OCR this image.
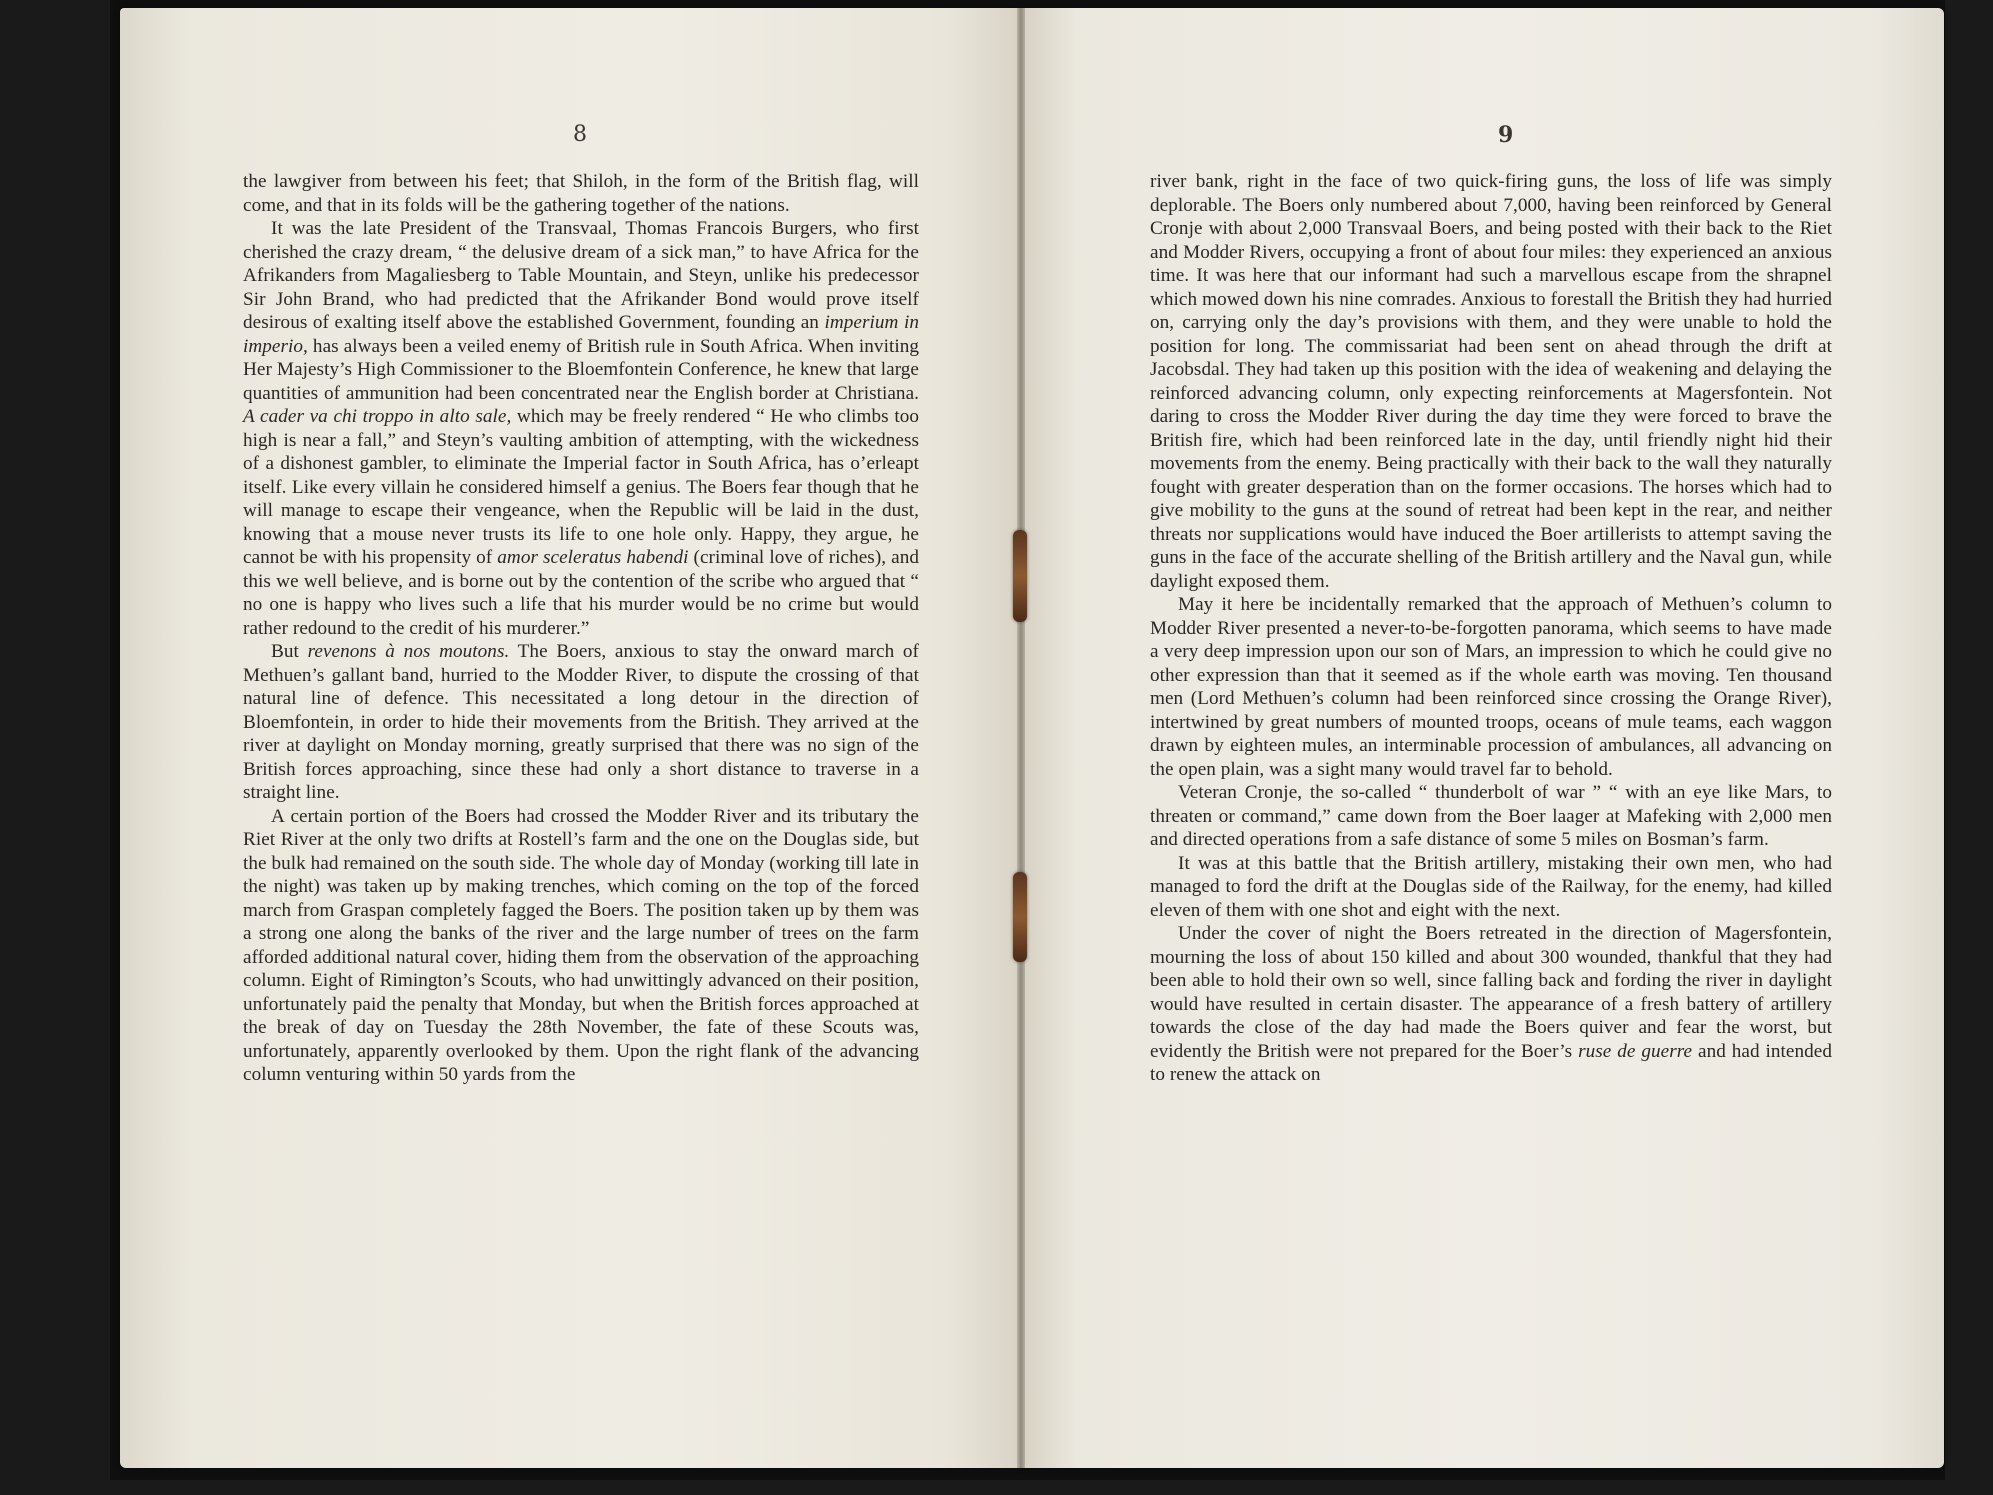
8	9

the lawgiver from between his feet; that Shiloh, in the form of the British flag, will come, and that in its folds will be the gathering together of the nations.

It was the late President of the Transvaal, Thomas Francois Burgers, who first cherished the crazy dream, “ the delusive dream of a sick man,” to have Africa for the Afrikanders from Magaliesberg to Table Mountain, and Steyn, unlike his predecessor Sir John Brand, who had predicted that the Afrikander Bond would prove itself desirous of exalting itself above the established Government, founding an imperium in imperio, has always been a veiled enemy of British rule in South Africa. When inviting Her Majesty’s High Commissioner to the Bloemfontein Conference, he knew that large quantities of ammunition had been concentrated near the English border at Christiana. A cader va chi troppo in alto sale, which may be freely rendered “ He who climbs too high is near a fall,” and Steyn’s vaulting ambition of attempting, with the wickedness of a dishonest gambler, to eliminate the Imperial factor in South Africa, has o’erleapt itself. Like every villain he considered himself a genius. The Boers fear though that he will manage to escape their vengeance, when the Republic will be laid in the dust, knowing that a mouse never trusts its life to one hole only. Happy, they argue, he cannot be with his propensity of amor sceleratus habendi (criminal love of riches), and this we well believe, and is borne out by the contention of the scribe who argued that “ no one is happy who lives such a life that his murder would be no crime but would rather redound to the credit of his murderer.”

But revenons à nos moutons. The Boers, anxious to stay the onward march of Methuen’s gallant band, hurried to the Modder River, to dispute the crossing of that natural line of defence. This necessitated a long detour in the direction of Bloemfontein, in order to hide their movements from the British. They arrived at the river at daylight on Monday morning, greatly surprised that there was no sign of the British forces approaching, since these had only a short distance to traverse in a straight line.

A certain portion of the Boers had crossed the Modder River and its tributary the Riet River at the only two drifts at Rostell’s farm and the one on the Douglas side, but the bulk had remained on the south side. The whole day of Monday (working till late in the night) was taken up by making trenches, which coming on the top of the forced march from Graspan completely fagged the Boers. The position taken up by them was a strong one along the banks of the river and the large number of trees on the farm afforded additional natural cover, hiding them from the observation of the approaching column. Eight of Rimington’s Scouts, who had unwittingly advanced on their position, unfortunately paid the penalty that Monday, but when the British forces approached at the break of day on Tuesday the 28th November, the fate of these Scouts was, unfortunately, apparently overlooked by them. Upon the right flank of the advancing column venturing within 50 yards from the

river bank, right in the face of two quick-firing guns, the loss of life was simply deplorable. The Boers only numbered about 7,000, having been reinforced by General Cronje with about 2,000 Transvaal Boers, and being posted with their back to the Riet and Modder Rivers, occupying a front of about four miles: they experienced an anxious time. It was here that our informant had such a marvellous escape from the shrapnel which mowed down his nine comrades. Anxious to forestall the British they had hurried on, carrying only the day’s provisions with them, and they were unable to hold the position for long. The commissariat had been sent on ahead through the drift at Jacobsdal. They had taken up this position with the idea of weakening and delaying the reinforced advancing column, only expecting reinforcements at Magersfontein. Not daring to cross the Modder River during the day time they were forced to brave the British fire, which had been reinforced late in the day, until friendly night hid their movements from the enemy. Being practically with their back to the wall they naturally fought with greater desperation than on the former occasions. The horses which had to give mobility to the guns at the sound of retreat had been kept in the rear, and neither threats nor supplications would have induced the Boer artillerists to attempt saving the guns in the face of the accurate shelling of the British artillery and the Naval gun, while daylight exposed them.

May it here be incidentally remarked that the approach of Methuen’s column to Modder River presented a never-to-be-forgotten panorama, which seems to have made a very deep impression upon our son of Mars, an impression to which he could give no other expression than that it seemed as if the whole earth was moving. Ten thousand men (Lord Methuen’s column had been reinforced since crossing the Orange River), intertwined by great numbers of mounted troops, oceans of mule teams, each waggon drawn by eighteen mules, an interminable procession of ambulances, all advancing on the open plain, was a sight many would travel far to behold.

Veteran Cronje, the so-called “ thunderbolt of war ” “ with an eye like Mars, to threaten or command,” came down from the Boer laager at Mafeking with 2,000 men and directed operations from a safe distance of some 5 miles on Bosman’s farm.

It was at this battle that the British artillery, mistaking their own men, who had managed to ford the drift at the Douglas side of the Railway, for the enemy, had killed eleven of them with one shot and eight with the next.

Under the cover of night the Boers retreated in the direction of Magersfontein, mourning the loss of about 150 killed and about 300 wounded, thankful that they had been able to hold their own so well, since falling back and fording the river in daylight would have resulted in certain disaster. The appearance of a fresh battery of artillery towards the close of the day had made the Boers quiver and fear the worst, but evidently the British were not prepared for the Boer’s ruse de guerre and had intended to renew the attack on
